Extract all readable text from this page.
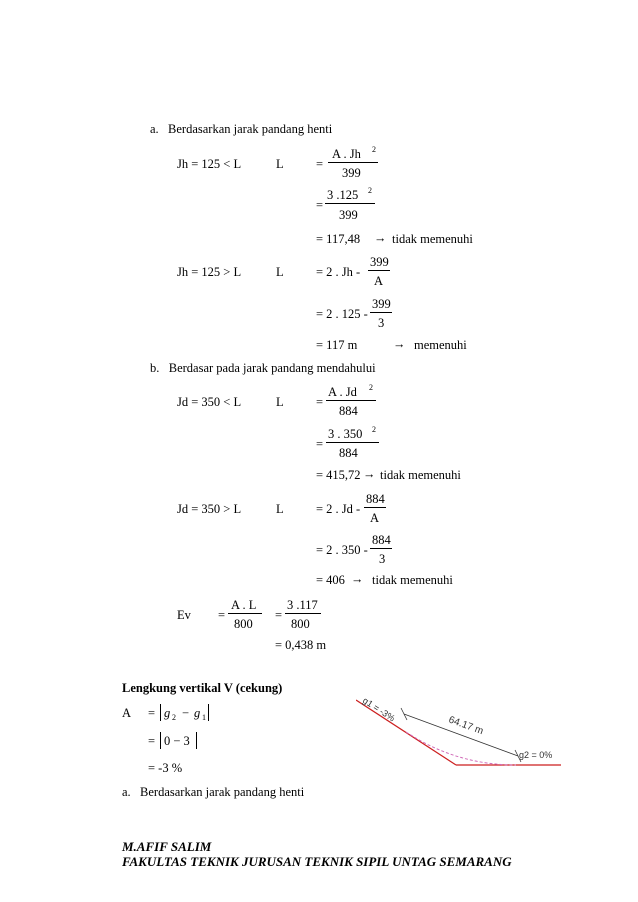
a.   Berdasarkan jarak pandang henti
Jh = 125 < L	L	=
A . Jh 2
399
=
3 .125 2
399
= 117,48 → tidak memenuhi
Jh = 125 > L	L	= 2 . Jh -
399
A
= 2 . 125 -
399
3
= 117 m	→ memenuhi
b.   Berdasar pada jarak pandang mendahului
Jd = 350 < L	L	=
A . Jd 2
884
=
3 . 350 2
884
= 415,72 → tidak memenuhi
Jd = 350 > L	L	= 2 . Jd -
884
A
= 2 . 350 -
884
3
= 406 → tidak memenuhi
Ev =
A . L
800
=
3 .117
800
= 0,438 m
Lengkung vertikal V (cekung)
A = g 2 − g 1
= 0 − 3
= -3 %
a.   Berdasarkan jarak pandang henti
g1 = -3%
64.17 m
g2 = 0%
M.AFIF SALIM
FAKULTAS TEKNIK JURUSAN TEKNIK SIPIL UNTAG SEMARANG
